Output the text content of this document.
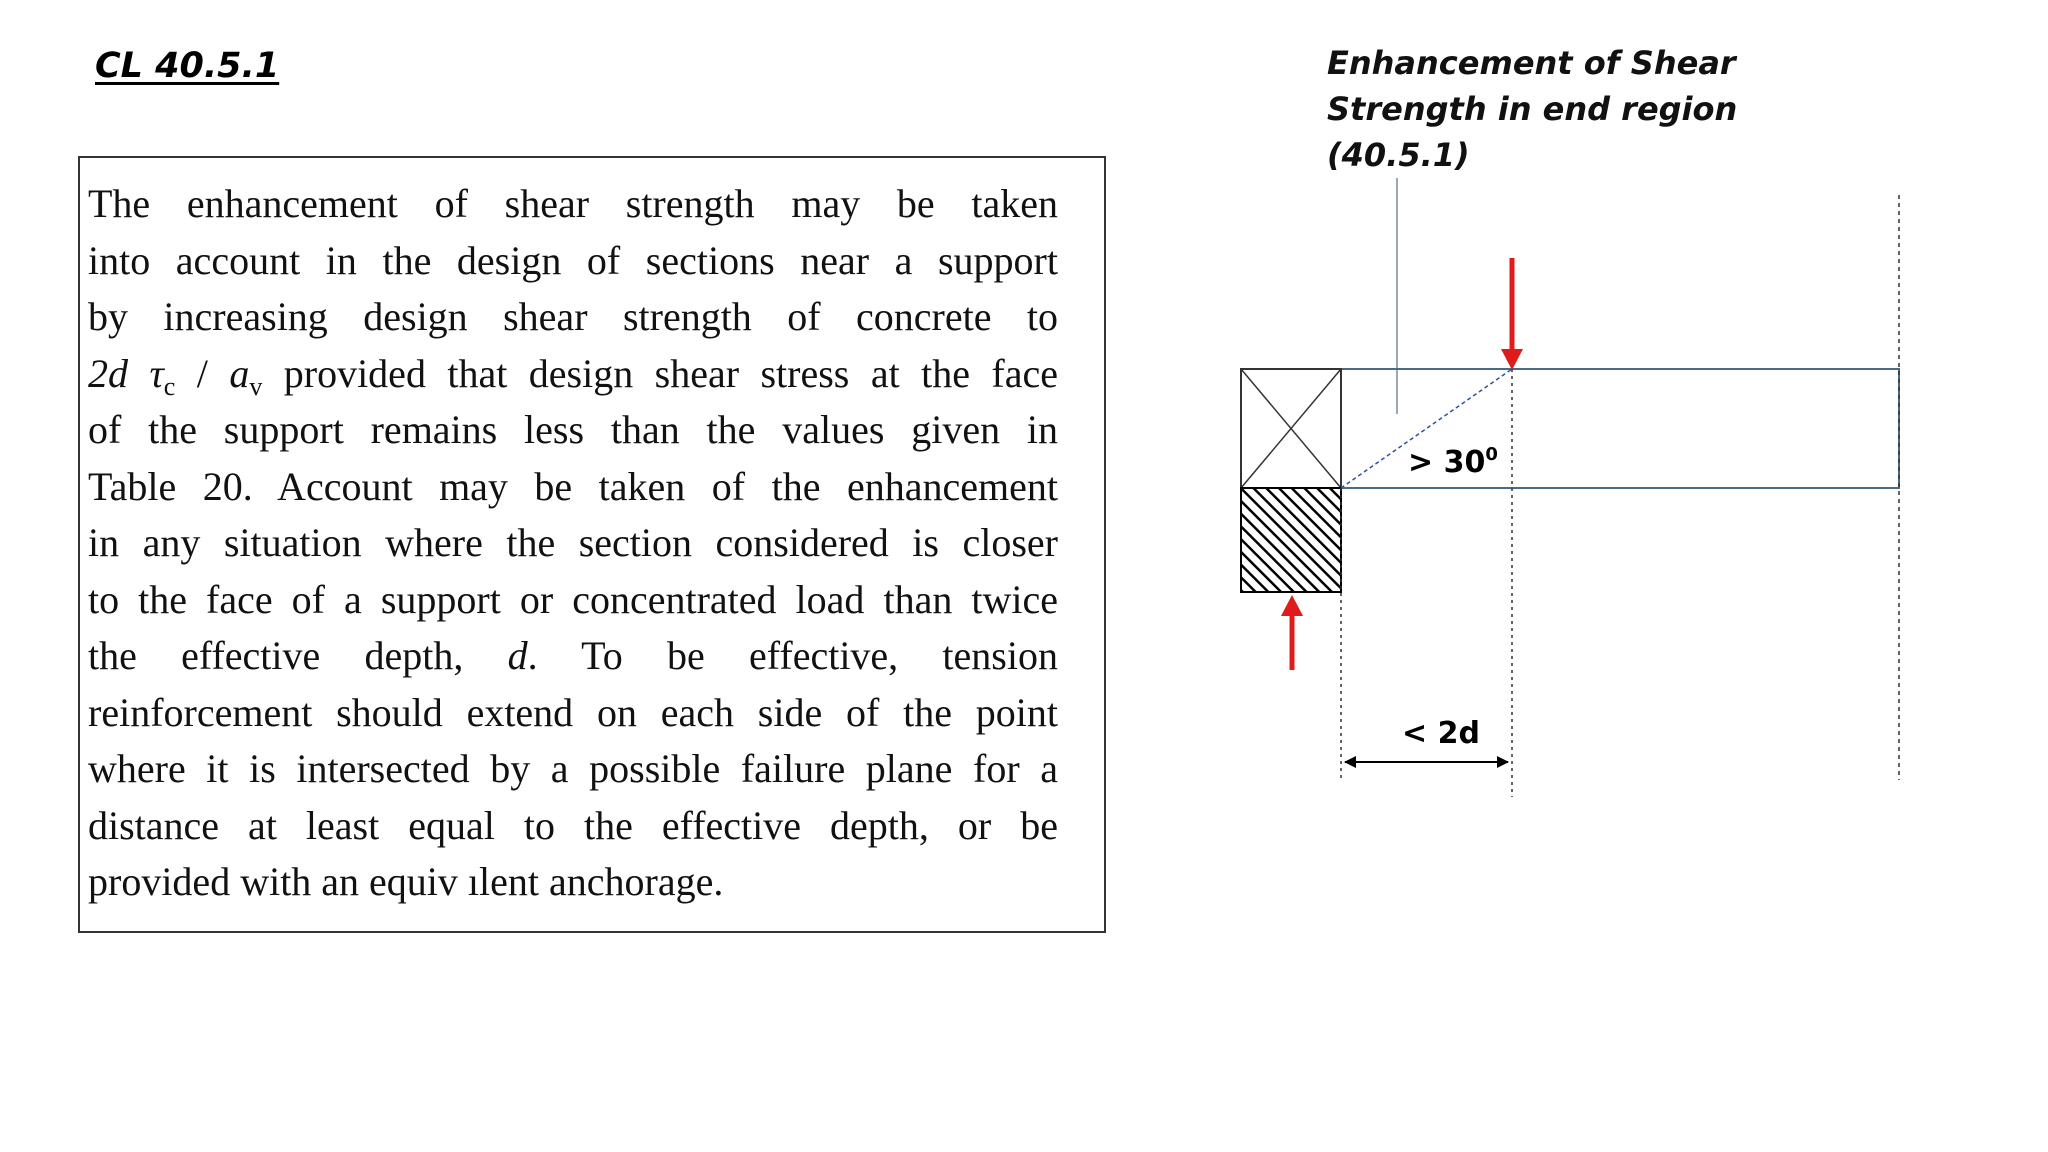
CL 40.5.1
The enhancement of shear strength may be taken
into account in the design of sections near a support
by increasing design shear strength of concrete to
2d $\tau_c / a_v$ provided that design shear stress at the face
of the support remains less than the values given in
Table 20. Account may be taken of the enhancement
in any situation where the section considered is closer
to the face of a support or concentrated load than twice
the effective depth, d. To be effective, tension
reinforcement should extend on each side of the point
where it is intersected by a possible failure plane for a
distance at least equal to the effective depth, or be
provided with an equiv ılent anchorage.
Enhancement of Shear
Strength in end region
(40.5.1)
> $30^0$
< 2d
